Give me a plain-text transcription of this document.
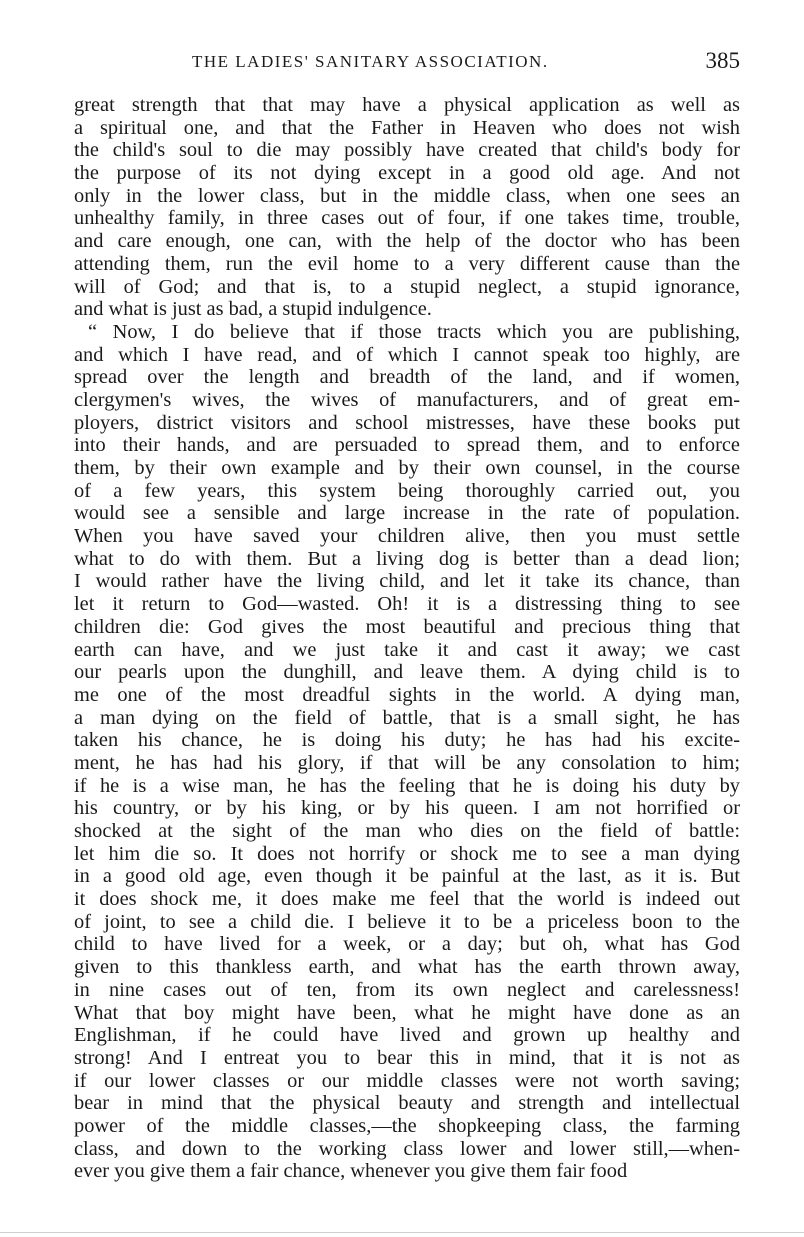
THE LADIES' SANITARY ASSOCIATION.	385
great strength that that may have a physical application as well as
a spiritual one, and that the Father in Heaven who does not wish
the child's soul to die may possibly have created that child's body for
the purpose of its not dying except in a good old age. And not
only in the lower class, but in the middle class, when one sees an
unhealthy family, in three cases out of four, if one takes time, trouble,
and care enough, one can, with the help of the doctor who has been
attending them, run the evil home to a very different cause than the
will of God; and that is, to a stupid neglect, a stupid ignorance,
and what is just as bad, a stupid indulgence.
“ Now, I do believe that if those tracts which you are publishing,
and which I have read, and of which I cannot speak too highly, are
spread over the length and breadth of the land, and if women,
clergymen's wives, the wives of manufacturers, and of great em-
ployers, district visitors and school mistresses, have these books put
into their hands, and are persuaded to spread them, and to enforce
them, by their own example and by their own counsel, in the course
of a few years, this system being thoroughly carried out, you
would see a sensible and large increase in the rate of population.
When you have saved your children alive, then you must settle
what to do with them. But a living dog is better than a dead lion;
I would rather have the living child, and let it take its chance, than
let it return to God—wasted. Oh! it is a distressing thing to see
children die: God gives the most beautiful and precious thing that
earth can have, and we just take it and cast it away; we cast
our pearls upon the dunghill, and leave them. A dying child is to
me one of the most dreadful sights in the world. A dying man,
a man dying on the field of battle, that is a small sight, he has
taken his chance, he is doing his duty; he has had his excite-
ment, he has had his glory, if that will be any consolation to him;
if he is a wise man, he has the feeling that he is doing his duty by
his country, or by his king, or by his queen. I am not horrified or
shocked at the sight of the man who dies on the field of battle:
let him die so. It does not horrify or shock me to see a man dying
in a good old age, even though it be painful at the last, as it is. But
it does shock me, it does make me feel that the world is indeed out
of joint, to see a child die. I believe it to be a priceless boon to the
child to have lived for a week, or a day; but oh, what has God
given to this thankless earth, and what has the earth thrown away,
in nine cases out of ten, from its own neglect and carelessness!
What that boy might have been, what he might have done as an
Englishman, if he could have lived and grown up healthy and
strong! And I entreat you to bear this in mind, that it is not as
if our lower classes or our middle classes were not worth saving;
bear in mind that the physical beauty and strength and intellectual
power of the middle classes,—the shopkeeping class, the farming
class, and down to the working class lower and lower still,—when-
ever you give them a fair chance, whenever you give them fair food
